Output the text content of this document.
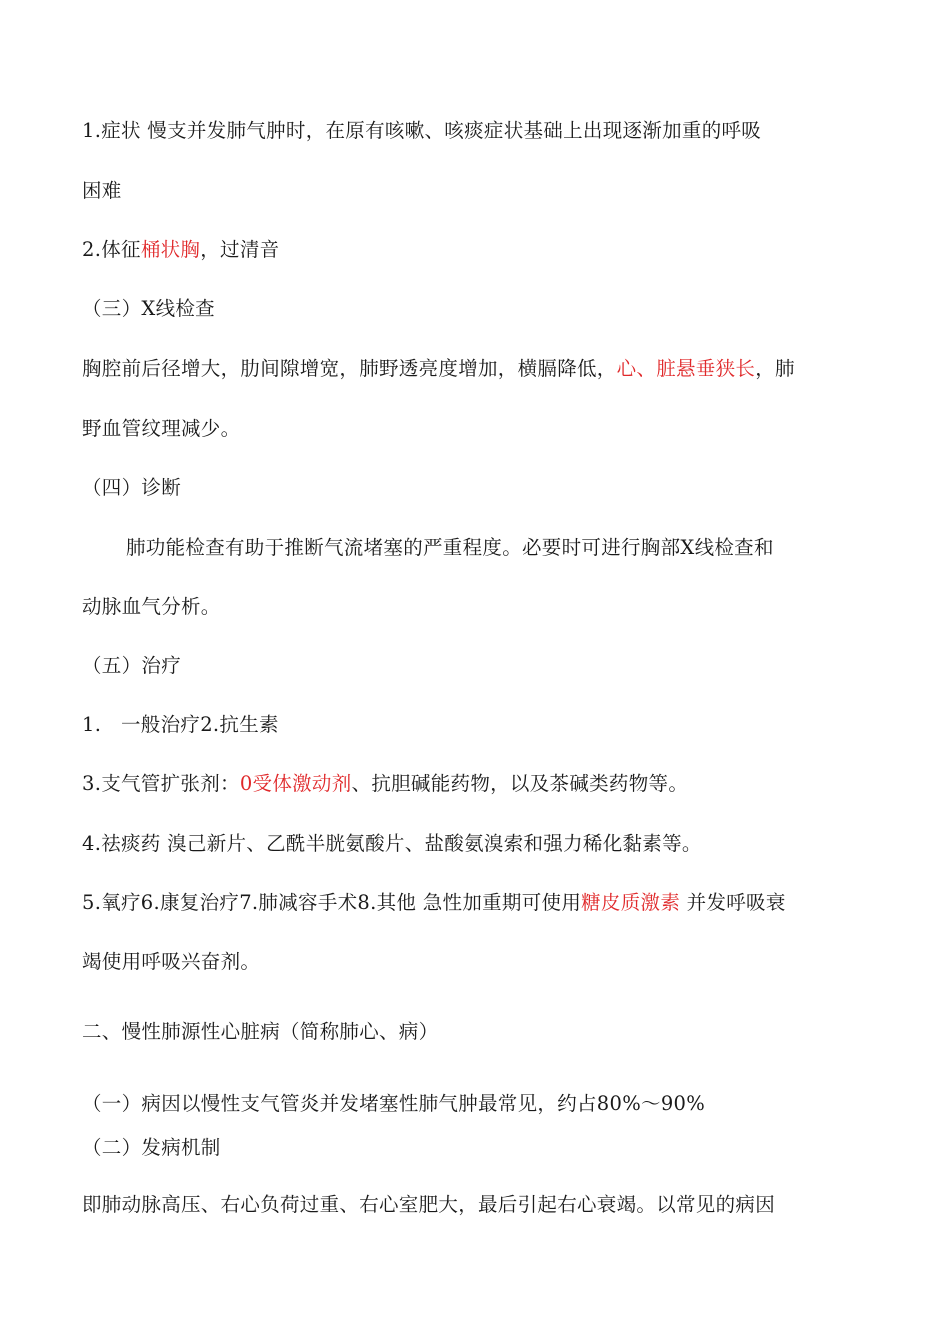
1.症状 慢支并发肺气肿时，在原有咳嗽、咳痰症状基础上出现逐渐加重的呼吸
困难
2.体征桶状胸，过清音
（三）X线检查
胸腔前后径增大，肋间隙增宽，肺野透亮度增加，横膈降低，心、脏悬垂狭长，肺
野血管纹理减少。
（四）诊断
肺功能检查有助于推断气流堵塞的严重程度。必要时可进行胸部X线检查和
动脉血气分析。
（五）治疗
1.　一般治疗2.抗生素
3.支气管扩张剂：0受体激动剂、抗胆碱能药物，以及茶碱类药物等。
4.祛痰药 溴己新片、乙酰半胱氨酸片、盐酸氨溴索和强力稀化黏素等。
5.氧疗6.康复治疗7.肺减容手术8.其他 急性加重期可使用糖皮质激素 并发呼吸衰
竭使用呼吸兴奋剂。
二、慢性肺源性心脏病（简称肺心、病）
（一）病因以慢性支气管炎并发堵塞性肺气肿最常见，约占80%〜90%
（二）发病机制
即肺动脉高压、右心负荷过重、右心室肥大，最后引起右心衰竭。以常见的病因
